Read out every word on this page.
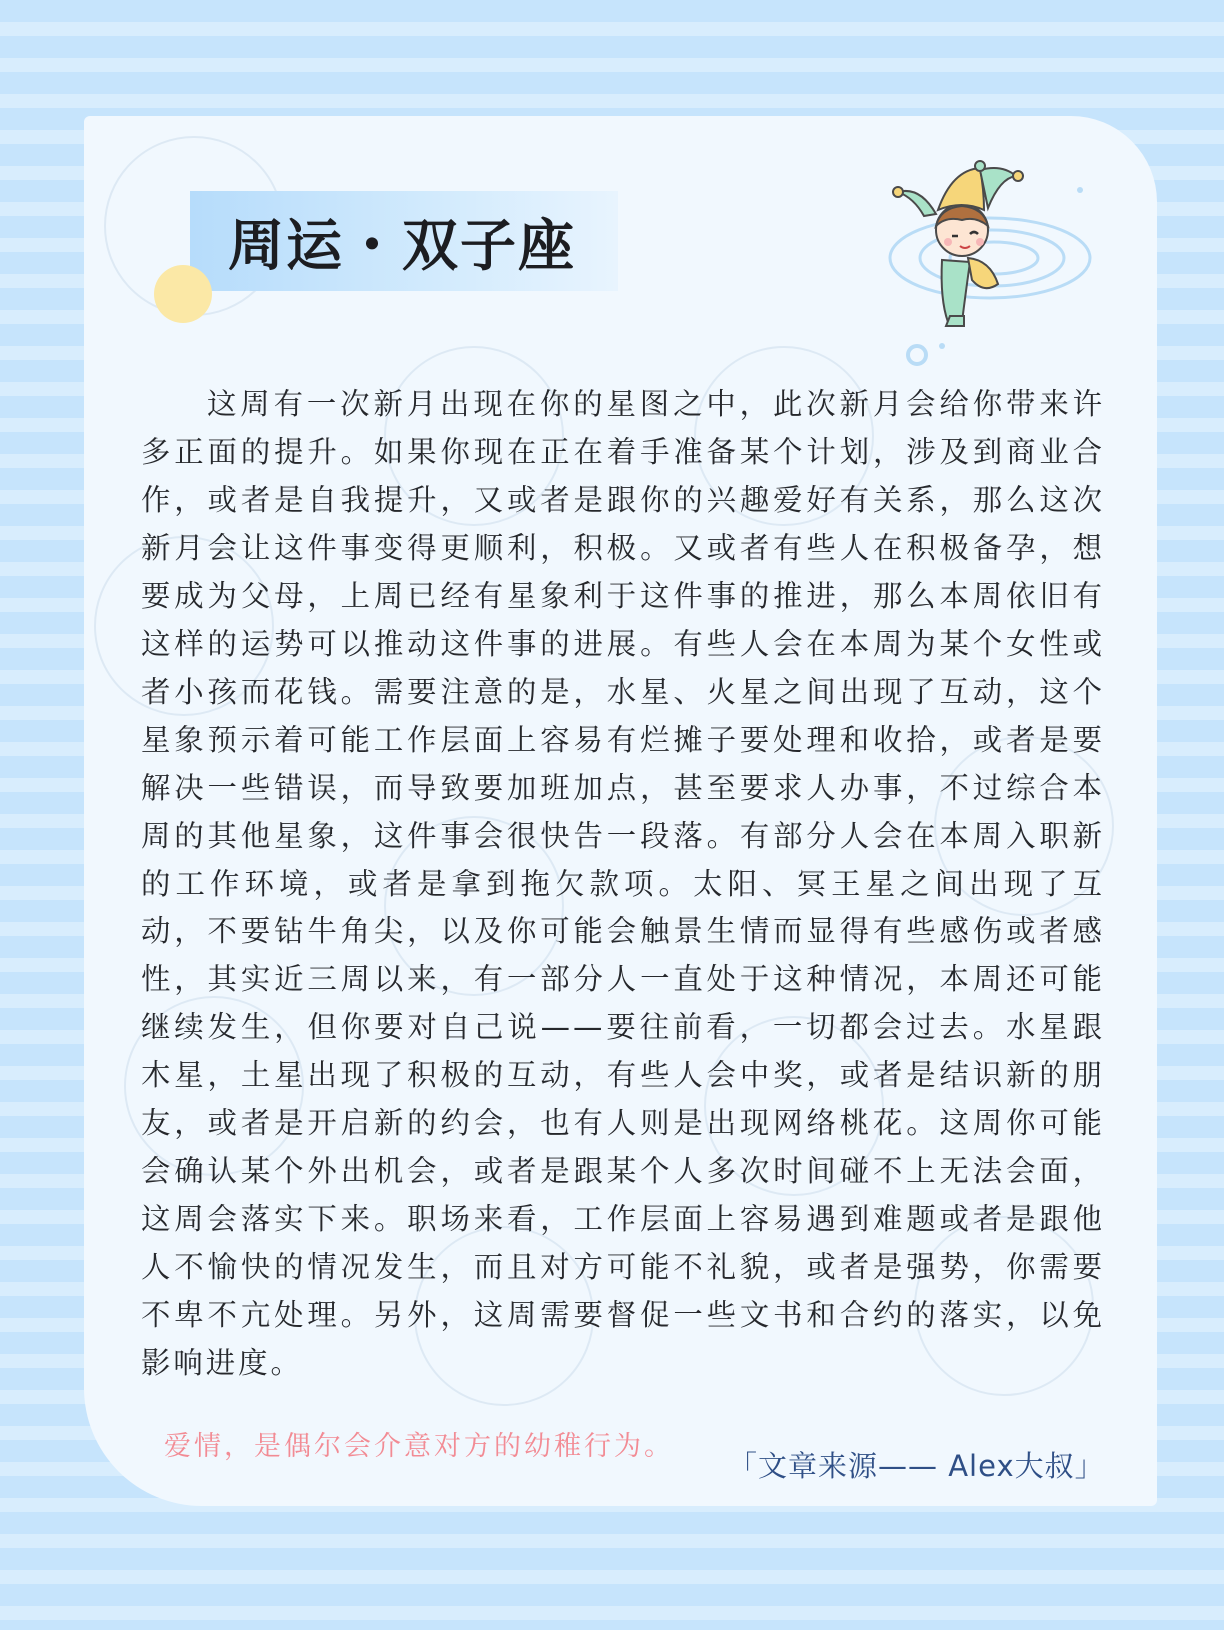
周运・双子座

这周有一次新月出现在你的星图之中，此次新月会给你带来许多正面的提升。如果你现在正在着手准备某个计划，涉及到商业合作，或者是自我提升，又或者是跟你的兴趣爱好有关系，那么这次新月会让这件事变得更顺利，积极。又或者有些人在积极备孕，想要成为父母，上周已经有星象利于这件事的推进，那么本周依旧有这样的运势可以推动这件事的进展。有些人会在本周为某个女性或者小孩而花钱。需要注意的是，水星、火星之间出现了互动，这个星象预示着可能工作层面上容易有烂摊子要处理和收拾，或者是要解决一些错误，而导致要加班加点，甚至要求人办事，不过综合本周的其他星象，这件事会很快告一段落。有部分人会在本周入职新的工作环境，或者是拿到拖欠款项。太阳、冥王星之间出现了互动，不要钻牛角尖，以及你可能会触景生情而显得有些感伤或者感性，其实近三周以来，有一部分人一直处于这种情况，本周还可能继续发生，但你要对自己说——要往前看，一切都会过去。水星跟木星，土星出现了积极的互动，有些人会中奖，或者是结识新的朋友，或者是开启新的约会，也有人则是出现网络桃花。这周你可能会确认某个外出机会，或者是跟某个人多次时间碰不上无法会面，这周会落实下来。职场来看，工作层面上容易遇到难题或者是跟他人不愉快的情况发生，而且对方可能不礼貌，或者是强势，你需要不卑不亢处理。另外，这周需要督促一些文书和合约的落实，以免影响进度。

爱情，是偶尔会介意对方的幼稚行为。

「文章来源—— Alex大叔」
